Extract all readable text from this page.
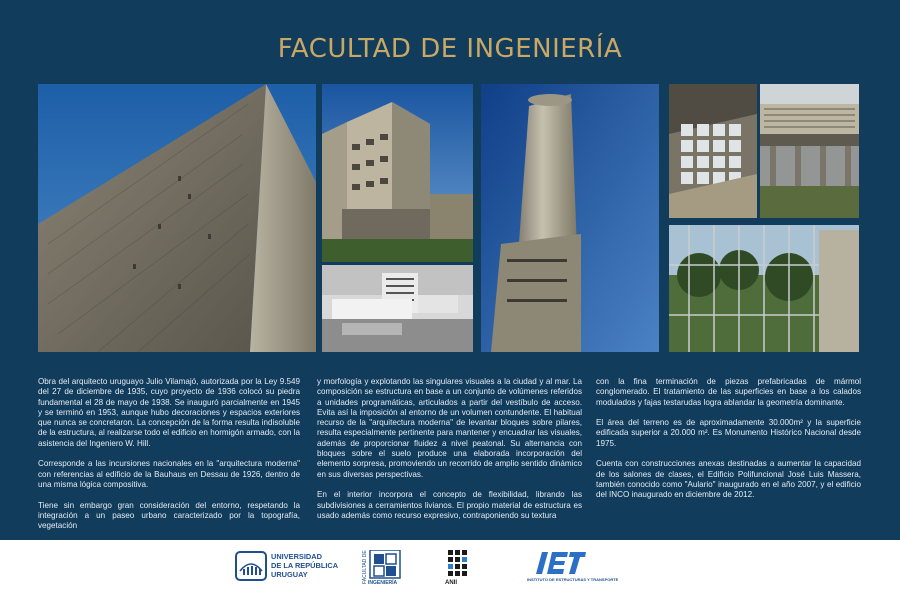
FACULTAD DE INGENIERÍA

Obra del arquitecto uruguayo Julio Vilamajó, autorizada por la Ley 9.549 del 27 de diciembre de 1935, cuyo proyecto de 1936 colocó su piedra fundamental el 28 de mayo de 1938. Se inauguró parcialmente en 1945 y se terminó en 1953, aunque hubo decoraciones y espacios exteriores que nunca se concretaron. La concepción de la forma resulta indisoluble de la estructura, al realizarse todo el edificio en hormigón armado, con la asistencia del Ingeniero W. Hill.

Corresponde a las incursiones nacionales en la "arquitectura moderna" con referencias al edificio de la Bauhaus en Dessau de 1926, dentro de una misma lógica compositiva.

Tiene sin embargo gran consideración del entorno, respetando la integración a un paseo urbano caracterizado por la topografía, vegetación

y morfología y explotando las singulares visuales a la ciudad y al mar. La composición se estructura en base a un conjunto de volúmenes referidos a unidades programáticas, articulados a partir del vestíbulo de acceso. Evita así la imposición al entorno de un volumen contundente. El habitual recurso de la "arquitectura moderna" de levantar bloques sobre pilares, resulta especialmente pertinente para mantener y encuadrar las visuales, además de proporcionar fluidez a nivel peatonal. Su alternancia con bloques sobre el suelo produce una elaborada incorporación del elemento sorpresa, promoviendo un recorrido de amplio sentido dinámico en sus diversas perspectivas.

En el interior incorpora el concepto de flexibilidad, librando las subdivisiones a cerramientos livianos. El propio material de estructura es usado además como recurso expresivo, contraponiendo su textura

con la fina terminación de piezas prefabricadas de mármol conglomerado. El tratamiento de las superficies en base a los calados modulados y fajas testarudas logra ablandar la geometría dominante.

El área del terreno es de aproximadamente 30.000m² y la superficie edificada superior a 20.000 m². Es Monumento Histórico Nacional desde 1975.

Cuenta con construcciones anexas destinadas a aumentar la capacidad de los salones de clases, el Edificio Polifuncional José Luis Massera, también conocido como "Aulario" inaugurado en el año 2007, y el edificio del INCO inaugurado en diciembre de 2012.

UNIVERSIDAD
DE LA REPÚBLICA
URUGUAY	FACULTAD DE INGENIERÍA	ANII
INSTITUTO DE ESTRUCTURAS Y TRANSPORTE
